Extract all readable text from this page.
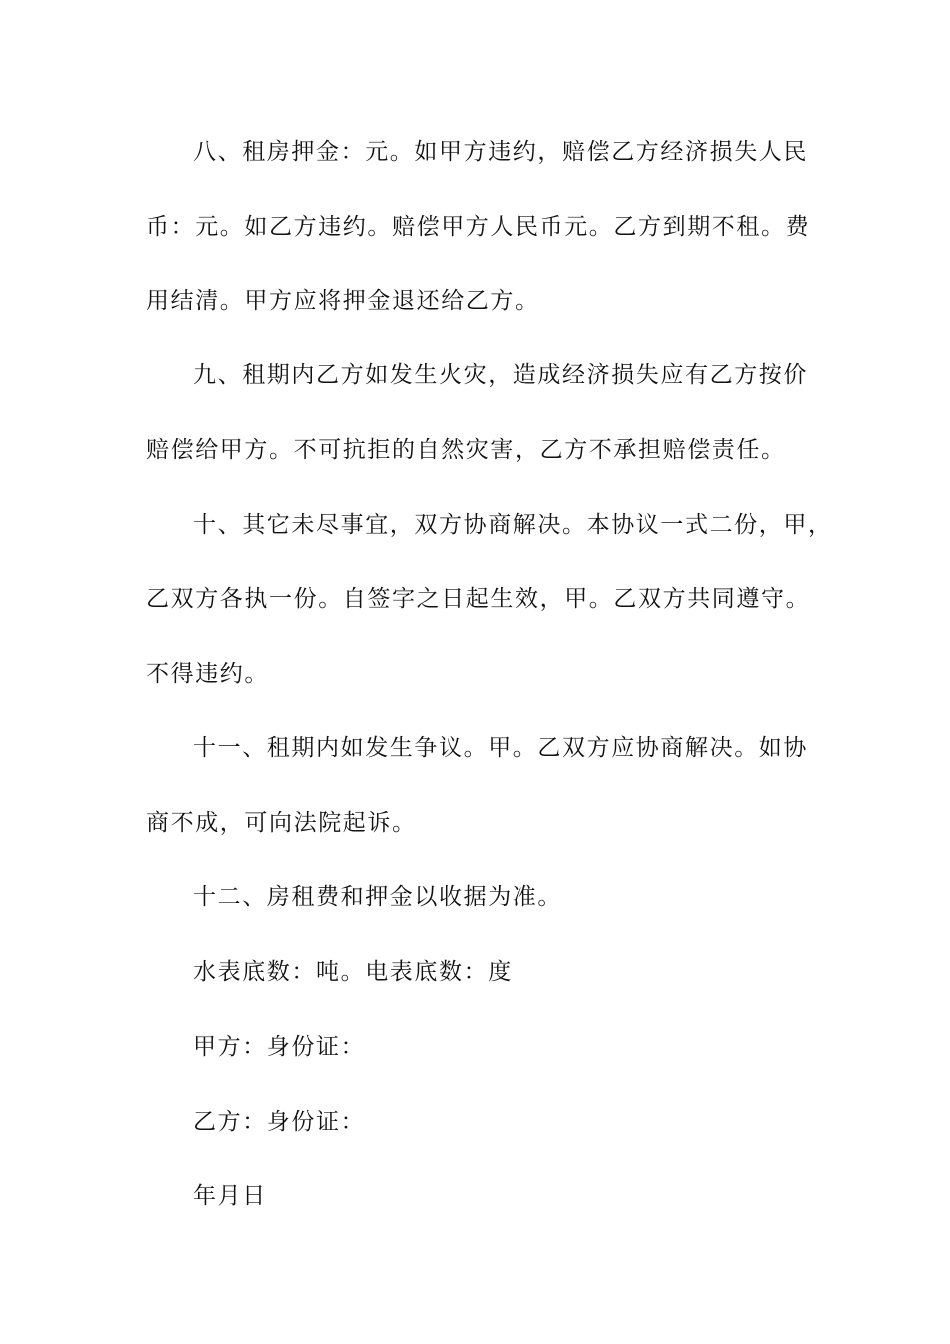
八、租房押金：元。如甲方违约，赔偿乙方经济损失人民
币：元。如乙方违约。赔偿甲方人民币元。乙方到期不租。费
用结清。甲方应将押金退还给乙方。
九、租期内乙方如发生火灾，造成经济损失应有乙方按价
赔偿给甲方。不可抗拒的自然灾害，乙方不承担赔偿责任。
十、其它未尽事宜，双方协商解决。本协议一式二份，甲，
乙双方各执一份。自签字之日起生效，甲。乙双方共同遵守。
不得违约。
十一、租期内如发生争议。甲。乙双方应协商解决。如协
商不成，可向法院起诉。
十二、房租费和押金以收据为准。
水表底数：吨。电表底数：度
甲方：身份证：
乙方：身份证：
年月日
